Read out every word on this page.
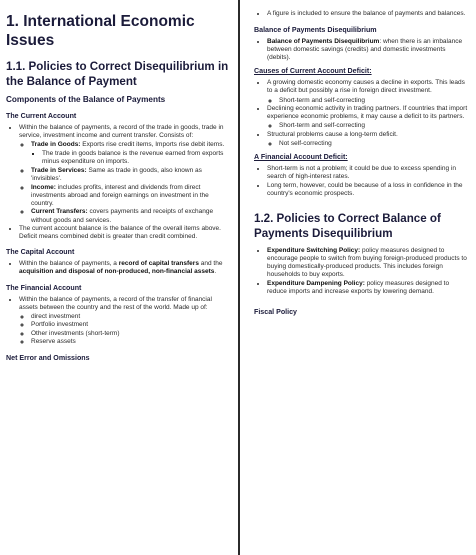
1. International Economic Issues
1.1. Policies to Correct Disequilibrium in the Balance of Payment
Components of the Balance of Payments
The Current Account
• Within the balance of payments, a record of the trade in goods, trade in service, investment income and current transfer. Consists of:
◦ Trade in Goods: Exports rise credit items, Imports rise debit items.
▪ The trade in goods balance is the revenue earned from exports minus expenditure on imports.
◦ Trade in Services: Same as trade in goods, also known as 'invisibles'.
◦ Income: includes profits, interest and dividends from direct investments abroad and foreign earnings on investment in the country.
◦ Current Transfers: covers payments and receipts of exchange without goods and services.
• The current account balance is the balance of the overall items above. Deficit means combined debit is greater than credit combined.
The Capital Account
• Within the balance of payments, a record of capital transfers and the acquisition and disposal of non-produced, non-financial assets.
The Financial Account
• Within the balance of payments, a record of the transfer of financial assets between the country and the rest of the world. Made up of:
◦ direct investment
◦ Portfolio investment
◦ Other investments (short-term)
◦ Reserve assets
Net Error and Omissions
• A figure is included to ensure the balance of payments and balances.
Balance of Payments Disequilibrium
• Balance of Payments Disequilibrium: when there is an imbalance between domestic savings (credits) and domestic investments (debits).
Causes of Current Account Deficit:
• A growing domestic economy causes a decline in exports. This leads to a deficit but possibly a rise in foreign direct investment.
◦ Short-term and self-correcting
• Declining economic activity in trading partners. If countries that import experience economic problems, it may cause a deficit to its partners.
◦ Short-term and self-correcting
• Structural problems cause a long-term deficit.
◦ Not self-correcting
A Financial Account Deficit:
• Short-term is not a problem; it could be due to excess spending in search of high-interest rates.
• Long term, however, could be because of a loss in confidence in the country's economic prospects.
1.2. Policies to Correct Balance of Payments Disequilibrium
• Expenditure Switching Policy: policy measures designed to encourage people to switch from buying foreign-produced products to buying domestically-produced products. This includes foreign households to buy exports.
• Expenditure Dampening Policy: policy measures designed to reduce imports and increase exports by lowering demand.
Fiscal Policy
